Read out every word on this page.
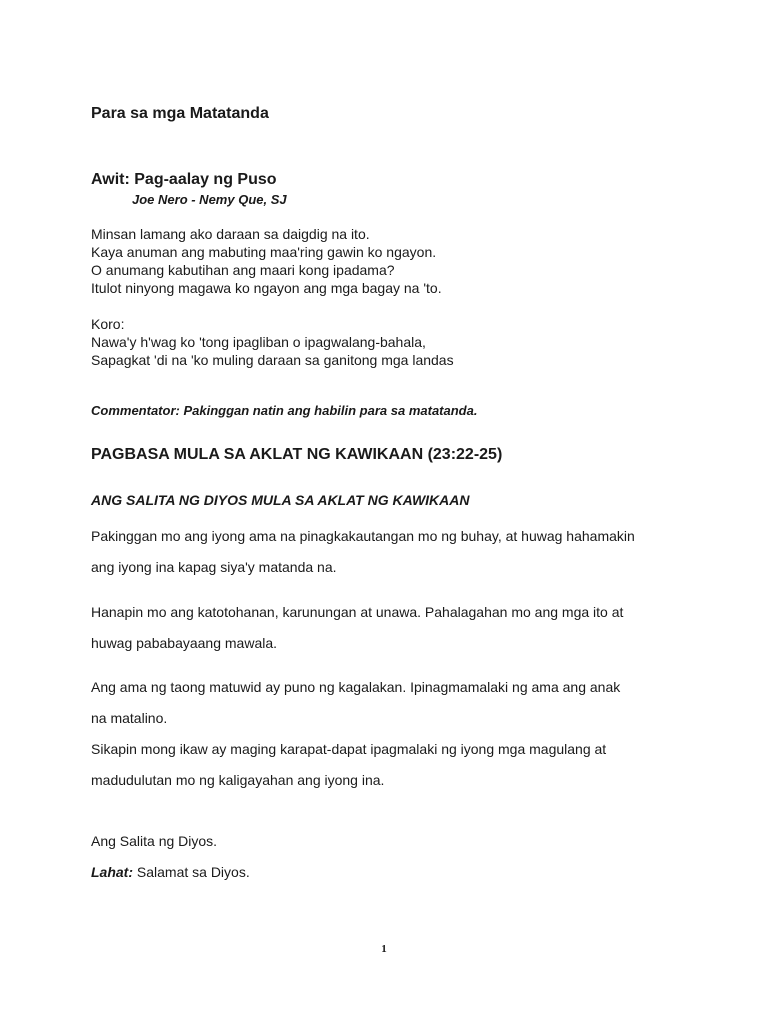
Para sa mga Matatanda
Awit: Pag-aalay ng Puso
Joe Nero - Nemy Que, SJ
Minsan lamang ako daraan sa daigdig na ito.
Kaya anuman ang mabuting maa'ring gawin ko ngayon.
O anumang kabutihan ang maari kong ipadama?
Itulot ninyong magawa ko ngayon ang mga bagay na 'to.
Koro:
Nawa'y h'wag ko 'tong ipagliban o ipagwalang-bahala,
Sapagkat 'di na 'ko muling daraan sa ganitong mga landas
Commentator: Pakinggan natin ang habilin para sa matatanda.
PAGBASA MULA SA AKLAT NG KAWIKAAN (23:22-25)
ANG SALITA NG DIYOS MULA SA AKLAT NG KAWIKAAN
Pakinggan mo ang iyong ama na pinagkakautangan mo ng buhay, at huwag hahamakin
ang iyong ina kapag siya'y matanda na.
Hanapin mo ang katotohanan, karunungan at unawa. Pahalagahan mo ang mga ito at
huwag pababayaang mawala.
Ang ama ng taong matuwid ay puno ng kagalakan. Ipinagmamalaki ng ama ang anak
na matalino.
Sikapin mong ikaw ay maging karapat-dapat ipagmalaki ng iyong mga magulang at
madudulutan mo ng kaligayahan ang iyong ina.
Ang Salita ng Diyos.
Lahat: Salamat sa Diyos.
1
